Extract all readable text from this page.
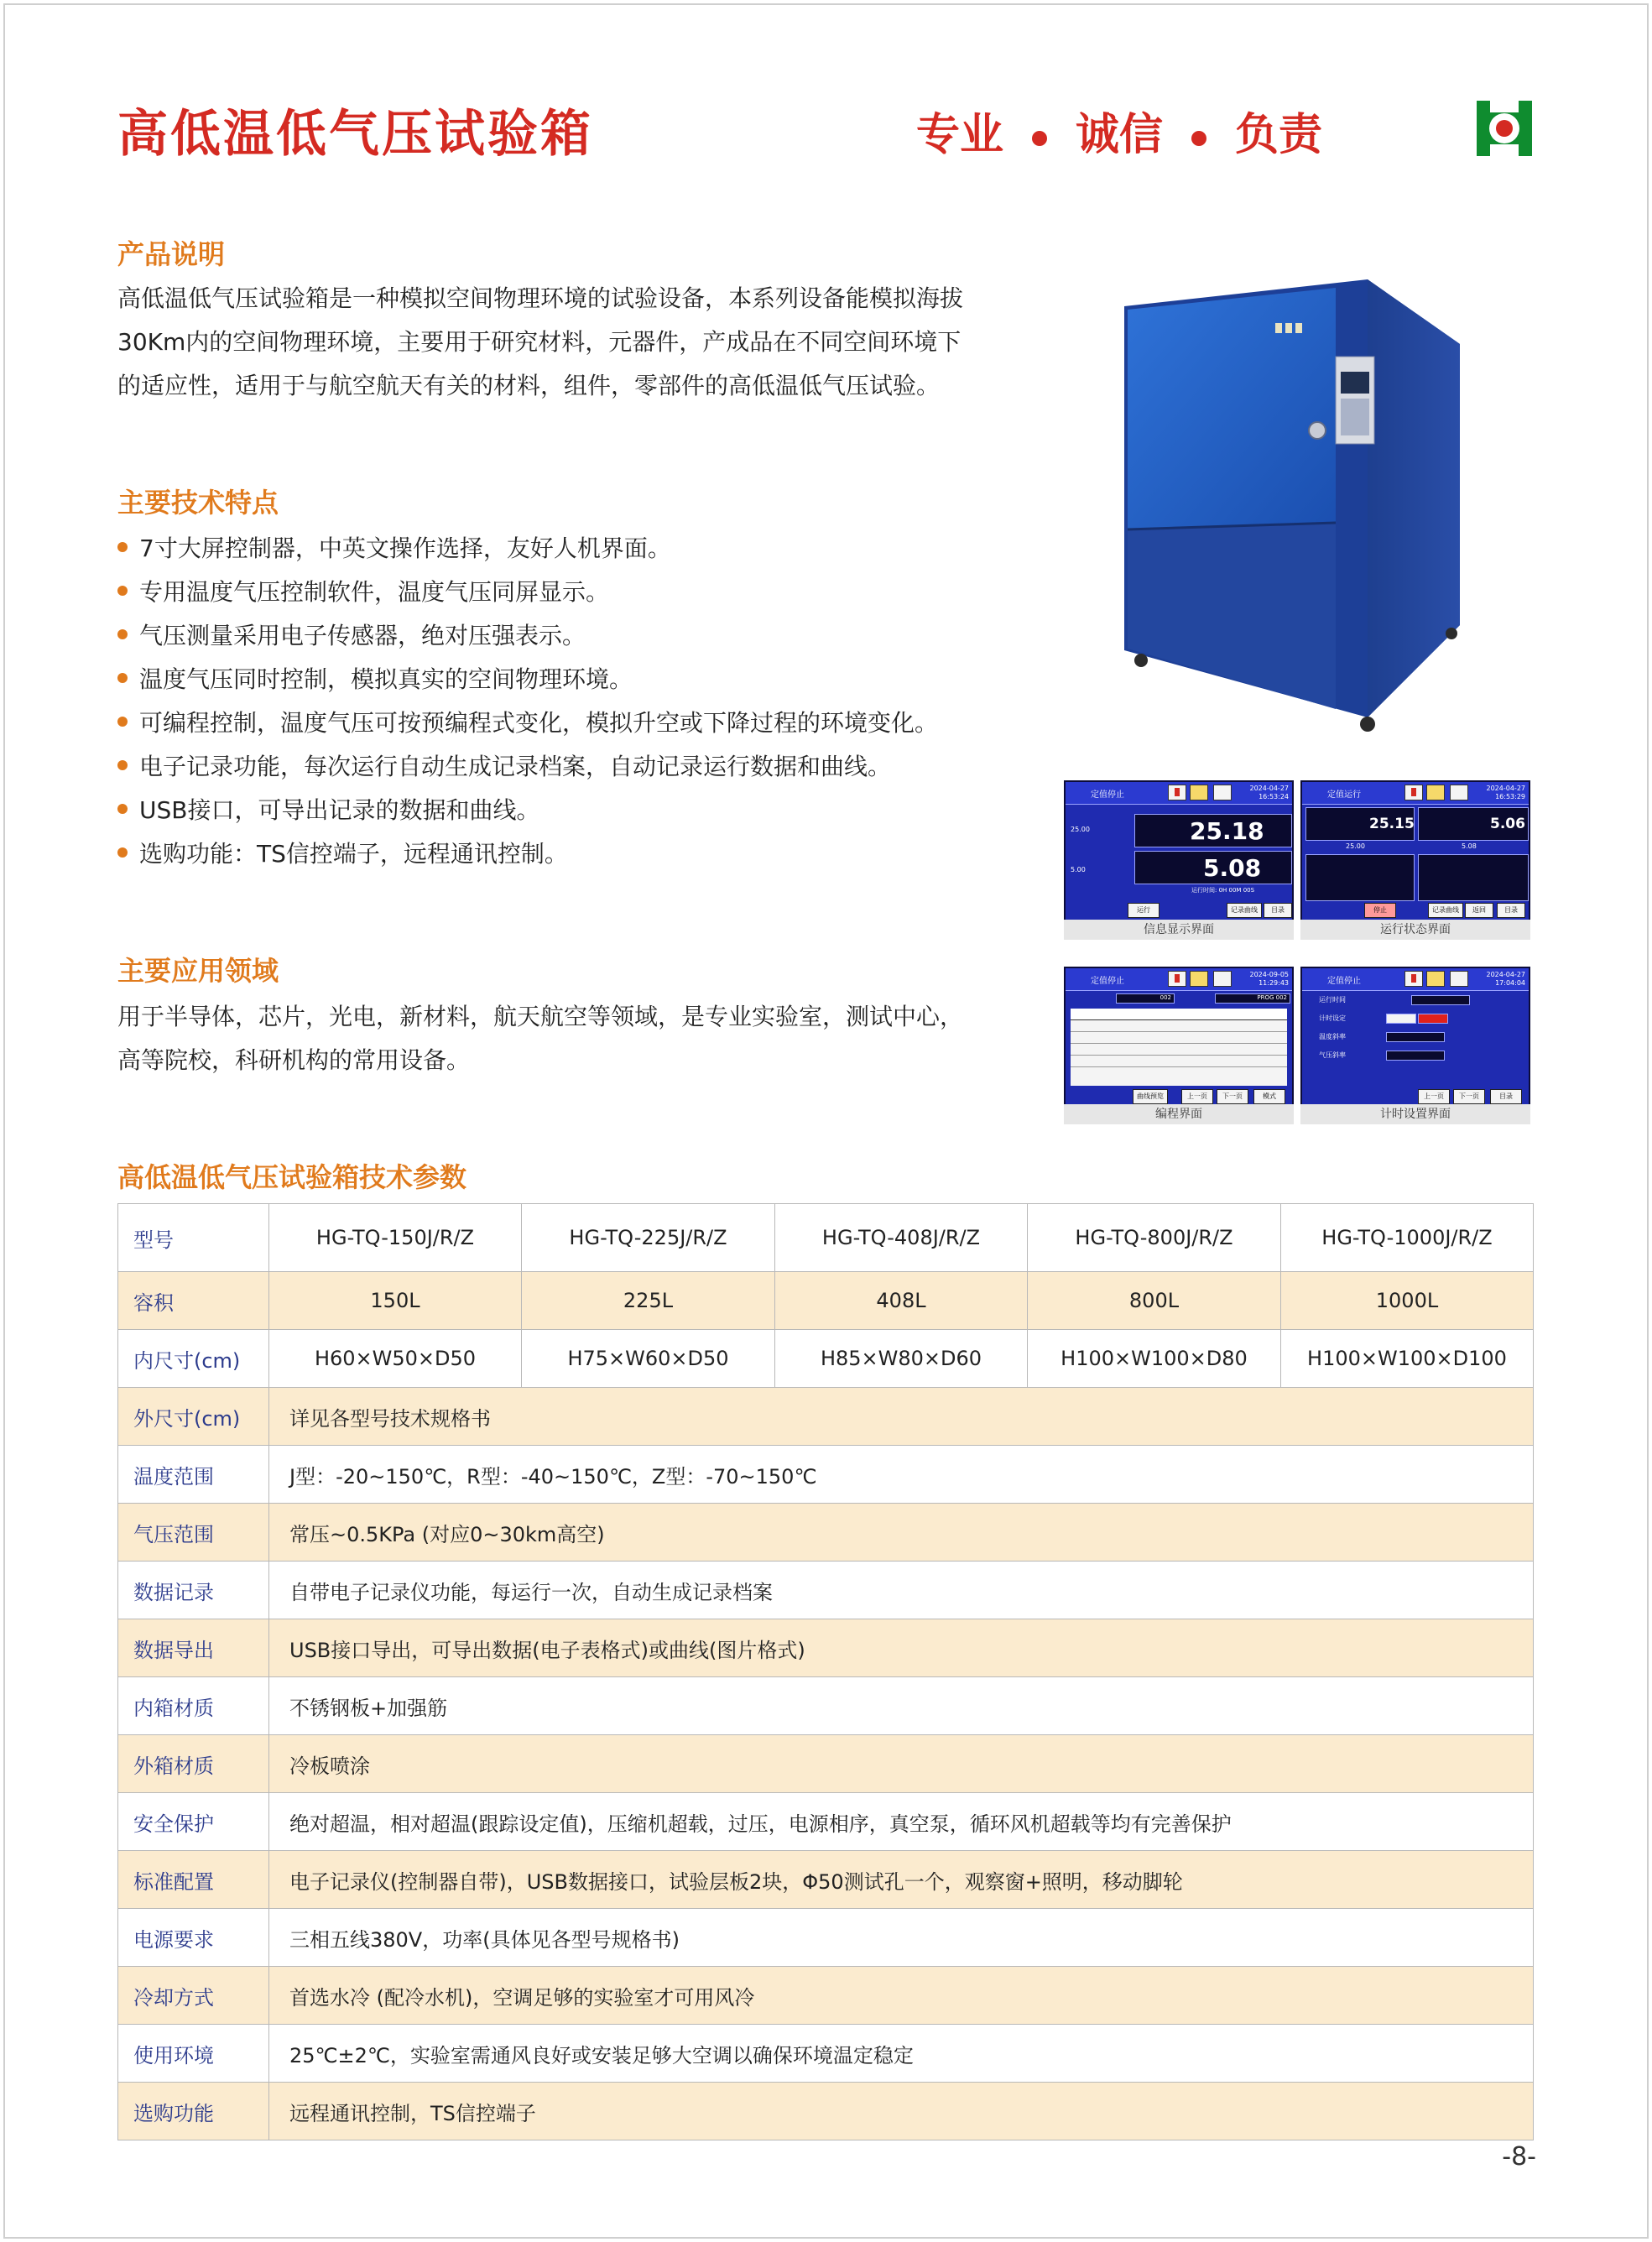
高低温低气压试验箱	专业 诚信 负责
产品说明
高低温低气压试验箱是一种模拟空间物理环境的试验设备，本系列设备能模拟海拔
30Km内的空间物理环境，主要用于研究材料，元器件，产成品在不同空间环境下
的适应性，适用于与航空航天有关的材料，组件，零部件的高低温低气压试验。
主要技术特点
7寸大屏控制器，中英文操作选择，友好人机界面。
专用温度气压控制软件，温度气压同屏显示。
气压测量采用电子传感器，绝对压强表示。
温度气压同时控制，模拟真实的空间物理环境。
可编程控制，温度气压可按预编程式变化，模拟升空或下降过程的环境变化。
电子记录功能，每次运行自动生成记录档案，自动记录运行数据和曲线。
USB接口，可导出记录的数据和曲线。
选购功能：TS信控端子，远程通讯控制。
主要应用领域
用于半导体，芯片，光电，新材料，航天航空等领域，是专业实验室，测试中心，
高等院校，科研机构的常用设备。
定值停止
2024-04-27
16:53:24
25.00
5.00
25.18
5.08
运行时间: 0H 00M 00S
运行	记录曲线	目录
信息显示界面
定值运行
2024-04-27
16:53:29
25.15	5.06
25.00	5.08
停止	记录曲线	返回	目录
运行状态界面
定值停止
2024-09-05
11:29:43
002	PROG 002
曲线预览	上一页	下一页	模式
编程界面
定值停止
2024-04-27
17:04:04
运行时间
计时设定
温度斜率
气压斜率
上一页	下一页	目录
计时设置界面
高低温低气压试验箱技术参数
型号	HG-TQ-150J/R/Z	HG-TQ-225J/R/Z	HG-TQ-408J/R/Z	HG-TQ-800J/R/Z	HG-TQ-1000J/R/Z
容积	150L	225L	408L	800L	1000L
内尺寸(cm)	H60×W50×D50	H75×W60×D50	H85×W80×D60	H100×W100×D80	H100×W100×D100
外尺寸(cm)	详见各型号技术规格书				
温度范围	J型：-20~150℃，R型：-40~150℃，Z型：-70~150℃				
气压范围	常压~0.5KPa (对应0~30km高空)				
数据记录	自带电子记录仪功能，每运行一次，自动生成记录档案				
数据导出	USB接口导出，可导出数据(电子表格式)或曲线(图片格式)				
内箱材质	不锈钢板+加强筋				
外箱材质	冷板喷涂				
安全保护	绝对超温，相对超温(跟踪设定值)，压缩机超载，过压，电源相序，真空泵，循环风机超载等均有完善保护				
标准配置	电子记录仪(控制器自带)，USB数据接口，试验层板2块，Φ50测试孔一个，观察窗+照明，移动脚轮				
电源要求	三相五线380V，功率(具体见各型号规格书)				
冷却方式	首选水冷 (配冷水机)，空调足够的实验室才可用风冷				
使用环境	25℃±2℃，实验室需通风良好或安装足够大空调以确保环境温定稳定				
选购功能	远程通讯控制，TS信控端子				
-8-
